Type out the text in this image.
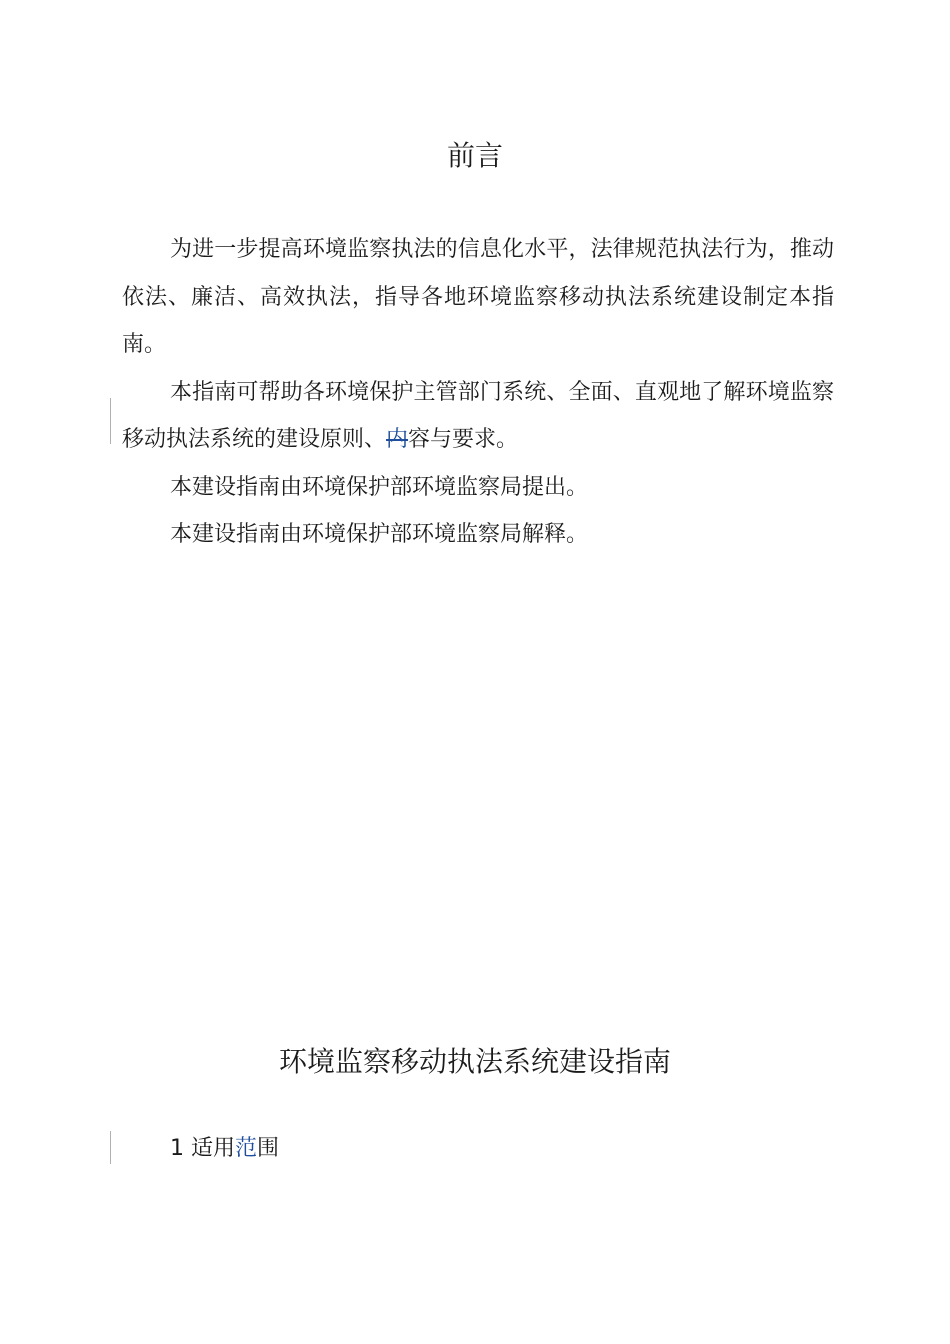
前言

为进一步提高环境监察执法的信息化水平，法律规范执法行为，推动依法、廉洁、高效执法，指导各地环境监察移动执法系统建设制定本指南。

本指南可帮助各环境保护主管部门系统、全面、直观地了解环境监察移动执法系统的建设原则、内容与要求。

本建设指南由环境保护部环境监察局提出。

本建设指南由环境保护部环境监察局解释。

环境监察移动执法系统建设指南

1 适用范围
